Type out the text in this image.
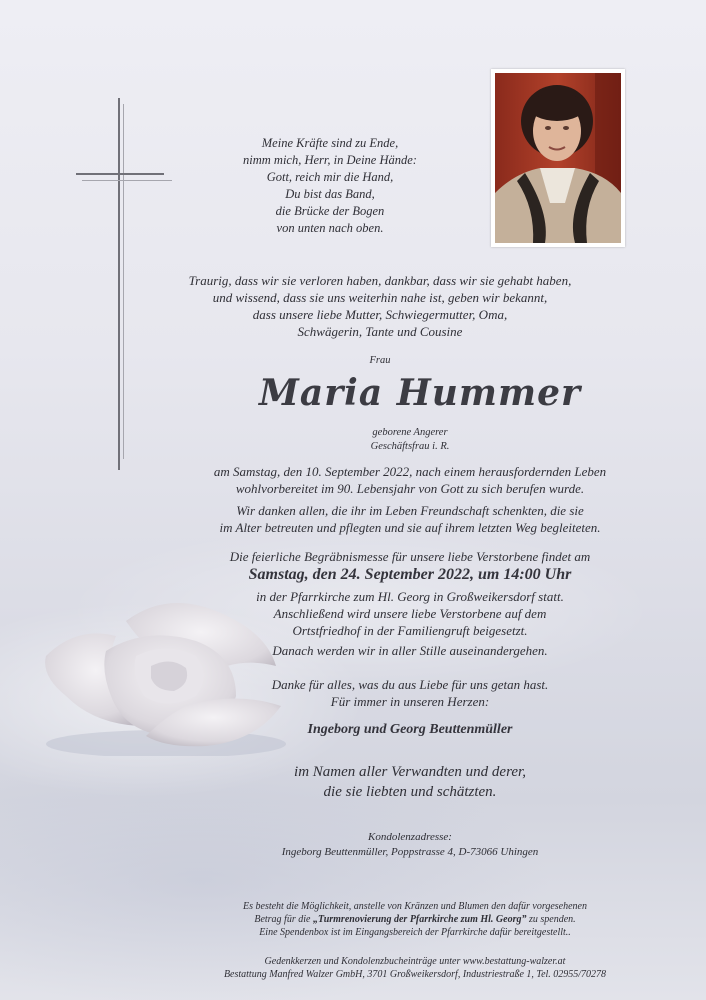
Meine Kräfte sind zu Ende,
nimm mich, Herr, in Deine Hände:
Gott, reich mir die Hand,
Du bist das Band,
die Brücke der Bogen
von unten nach oben.
Traurig, dass wir sie verloren haben, dankbar, dass wir sie gehabt haben,
und wissend, dass sie uns weiterhin nahe ist, geben wir bekannt,
dass unsere liebe Mutter, Schwiegermutter, Oma,
Schwägerin, Tante und Cousine
Frau
Maria Hummer
geborene Angerer
Geschäftsfrau i. R.
am Samstag, den 10. September 2022, nach einem herausfordernden Leben
wohlvorbereitet im 90. Lebensjahr von Gott zu sich berufen wurde.
Wir danken allen, die ihr im Leben Freundschaft schenkten, die sie
im Alter betreuten und pflegten und sie auf ihrem letzten Weg begleiteten.
Die feierliche Begräbnismesse für unsere liebe Verstorbene findet am
Samstag, den 24. September 2022, um 14:00 Uhr
in der Pfarrkirche zum Hl. Georg in Großweikersdorf statt.
Anschließend wird unsere liebe Verstorbene auf dem
Ortstfriedhof in der Familiengruft beigesetzt.
Danach werden wir in aller Stille auseinandergehen.
Danke für alles, was du aus Liebe für uns getan hast.
Für immer in unseren Herzen:
Ingeborg und Georg Beuttenmüller
im Namen aller Verwandten und derer,
die sie liebten und schätzten.
Kondolenzadresse:
Ingeborg Beuttenmüller, Poppstrasse 4, D-73066 Uhingen
Es besteht die Möglichkeit, anstelle von Kränzen und Blumen den dafür vorgesehenen
Betrag für die „Turmrenovierung der Pfarrkirche zum Hl. Georg” zu spenden.
Eine Spendenbox ist im Eingangsbereich der Pfarrkirche dafür bereitgestellt..
Gedenkkerzen und Kondolenzbucheinträge unter www.bestattung-walzer.at
Bestattung Manfred Walzer GmbH, 3701 Großweikersdorf, Industriestraße 1, Tel. 02955/70278
